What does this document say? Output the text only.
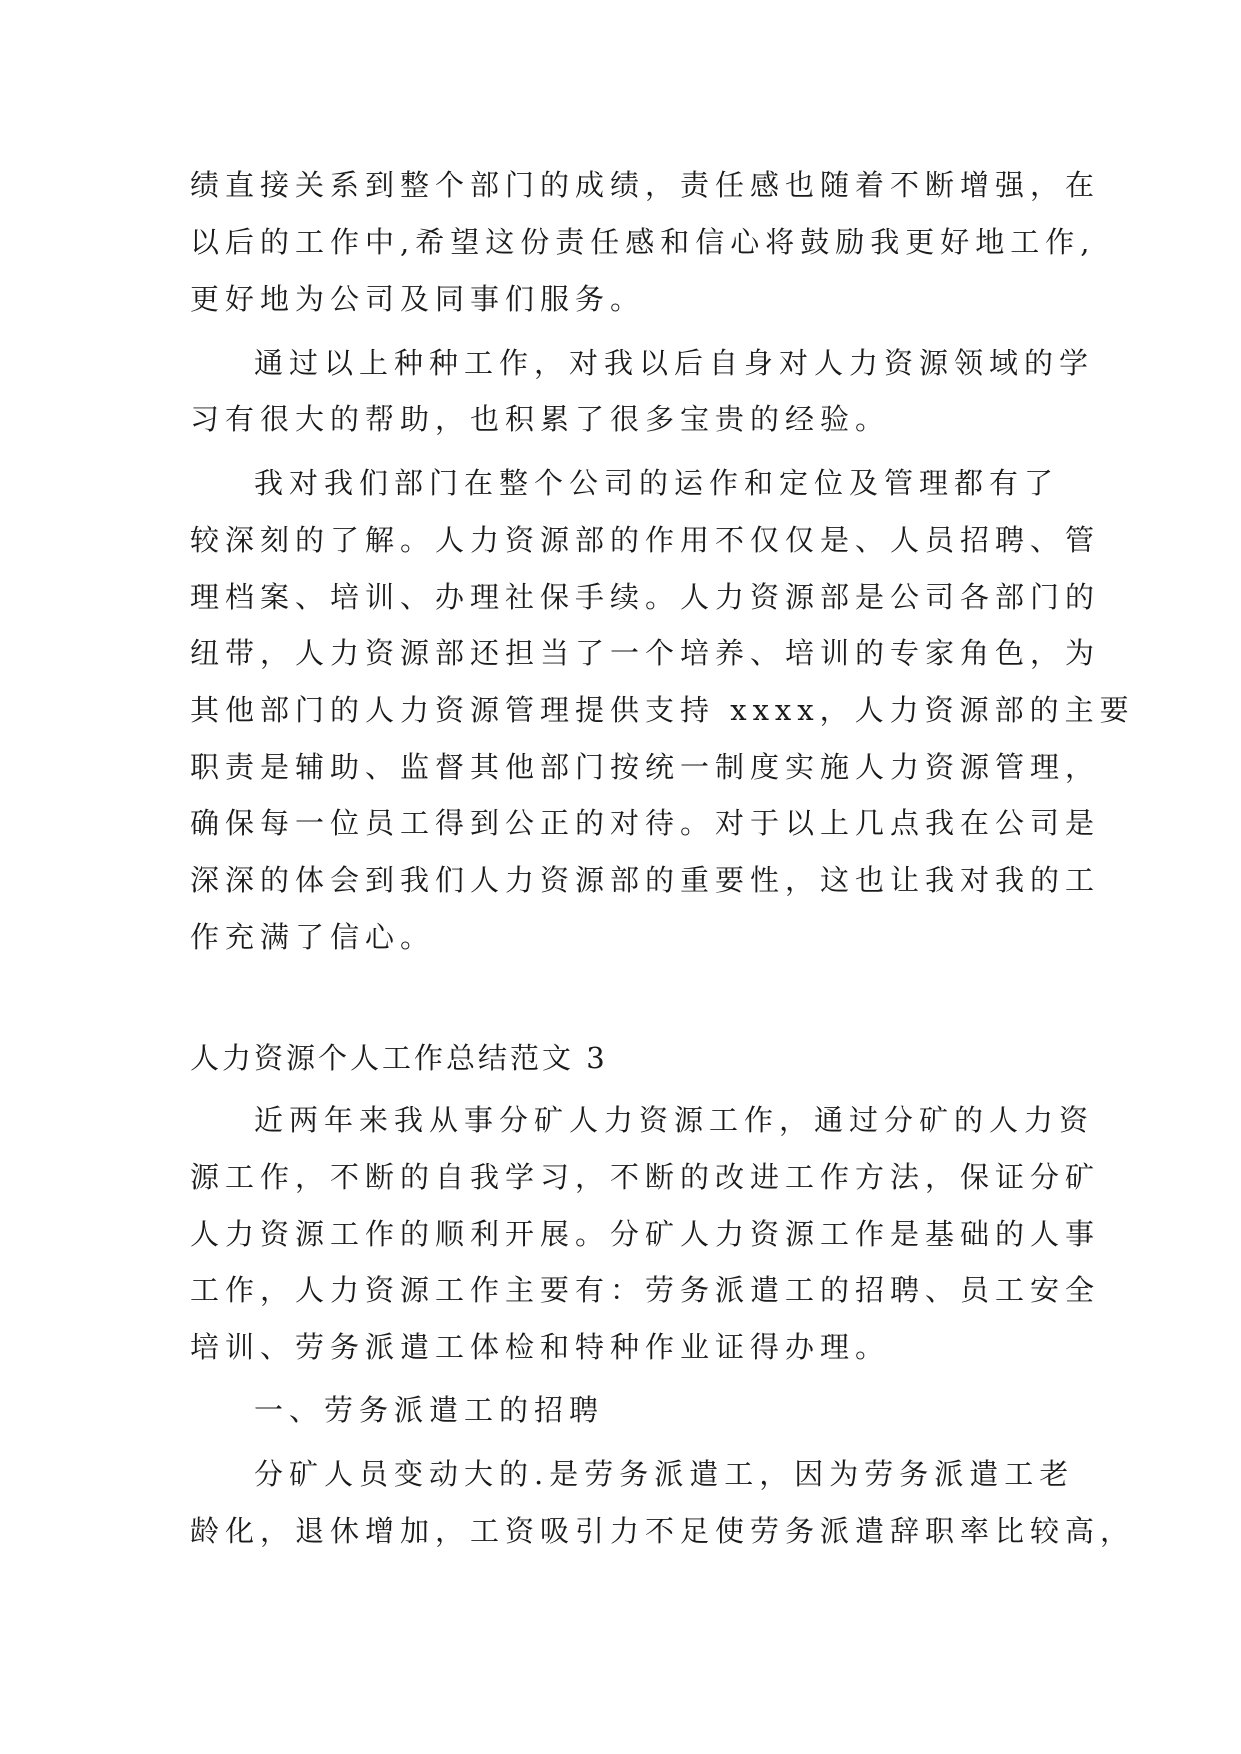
绩直接关系到整个部门的成绩，责任感也随着不断增强，在
以后的工作中,希望这份责任感和信心将鼓励我更好地工作,
更好地为公司及同事们服务。
通过以上种种工作，对我以后自身对人力资源领域的学
习有很大的帮助，也积累了很多宝贵的经验。
我对我们部门在整个公司的运作和定位及管理都有了
较深刻的了解。人力资源部的作用不仅仅是、人员招聘、管
理档案、培训、办理社保手续。人力资源部是公司各部门的
纽带，人力资源部还担当了一个培养、培训的专家角色，为
其他部门的人力资源管理提供支持 xxxx，人力资源部的主要
职责是辅助、监督其他部门按统一制度实施人力资源管理，
确保每一位员工得到公正的对待。对于以上几点我在公司是
深深的体会到我们人力资源部的重要性，这也让我对我的工
作充满了信心。
人力资源个人工作总结范文 3
近两年来我从事分矿人力资源工作，通过分矿的人力资
源工作，不断的自我学习，不断的改进工作方法，保证分矿
人力资源工作的顺利开展。分矿人力资源工作是基础的人事
工作，人力资源工作主要有：劳务派遣工的招聘、员工安全
培训、劳务派遣工体检和特种作业证得办理。
一、劳务派遣工的招聘
分矿人员变动大的.是劳务派遣工，因为劳务派遣工老
龄化，退休增加，工资吸引力不足使劳务派遣辞职率比较高，
